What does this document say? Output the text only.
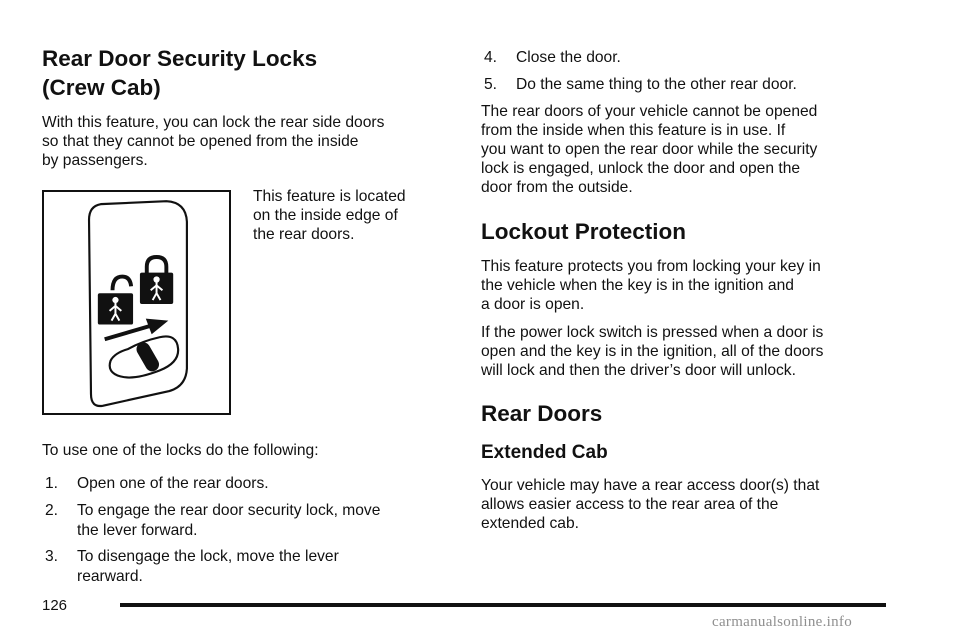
Rear Door Security Locks
(Crew Cab)

With this feature, you can lock the rear side doors

so that they cannot be opened from the inside

by passengers.

This feature is located

on the inside edge of

the rear doors.

To use one of the locks do the following:

1.	Open one of the rear doors.
2.	To engage the rear door security lock, move
the lever forward.
3.	To disengage the lock, move the lever
rearward.
4.	Close the door.
5.	Do the same thing to the other rear door.

The rear doors of your vehicle cannot be opened

from the inside when this feature is in use. If

you want to open the rear door while the security

lock is engaged, unlock the door and open the

door from the outside.

Lockout Protection

This feature protects you from locking your key in

the vehicle when the key is in the ignition and

a door is open.

If the power lock switch is pressed when a door is

open and the key is in the ignition, all of the doors

will lock and then the driver’s door will unlock.

Rear Doors
Extended Cab

Your vehicle may have a rear access door(s) that

allows easier access to the rear area of the

extended cab.

126
carmanualsonline.info
